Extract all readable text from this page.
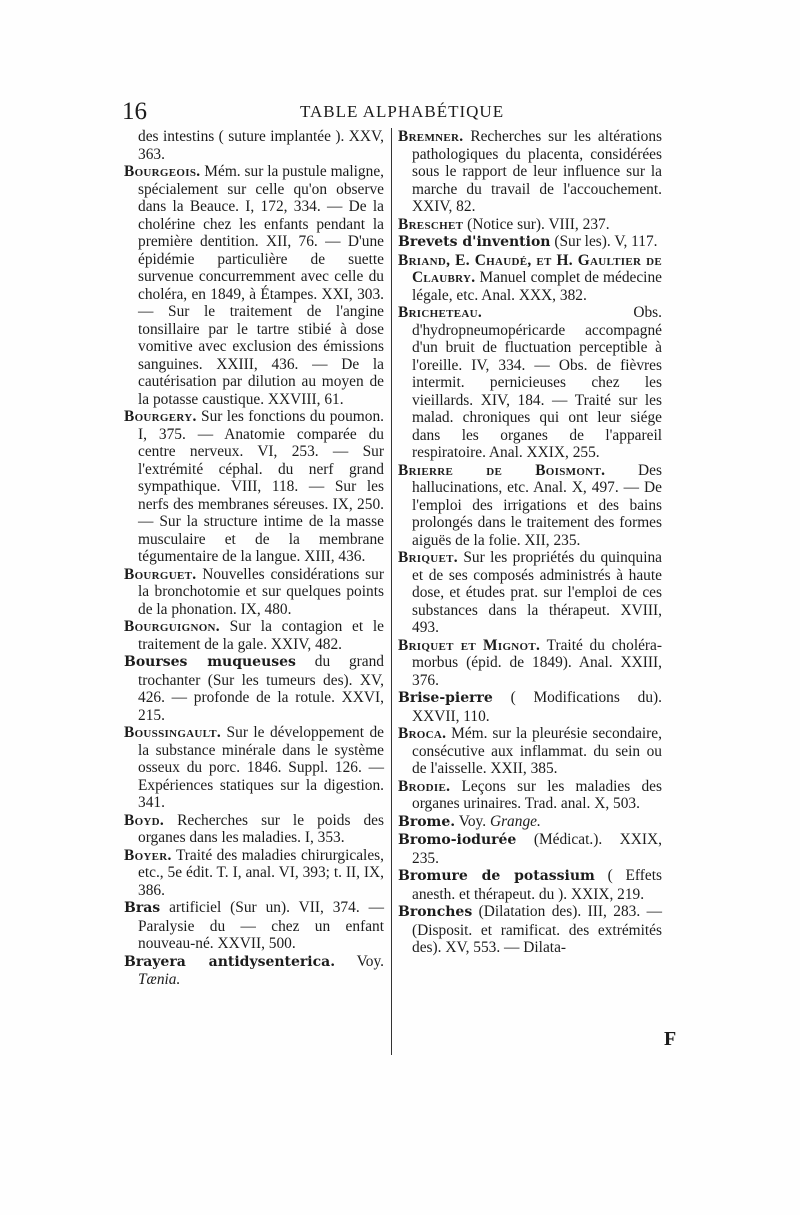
16	TABLE ALPHABÉTIQUE

des intestins ( suture implantée ). XXV, 363.

Bourgeois. Mém. sur la pustule maligne, spécialement sur celle qu'on observe dans la Beauce. I, 172, 334. — De la cholérine chez les enfants pendant la première dentition. XII, 76. — D'une épidémie particulière de suette survenue concurremment avec celle du choléra, en 1849, à Étampes. XXI, 303. — Sur le traitement de l'angine tonsillaire par le tartre stibié à dose vomitive avec exclusion des émissions sanguines. XXIII, 436. — De la cautérisation par dilution au moyen de la potasse caustique. XXVIII, 61.

Bourgery. Sur les fonctions du poumon. I, 375. — Anatomie comparée du centre nerveux. VI, 253. — Sur l'extrémité céphal. du nerf grand sympathique. VIII, 118. — Sur les nerfs des membranes séreuses. IX, 250. — Sur la structure intime de la masse musculaire et de la membrane tégumentaire de la langue. XIII, 436.

Bourguet. Nouvelles considérations sur la bronchotomie et sur quelques points de la phonation. IX, 480.

Bourguignon. Sur la contagion et le traitement de la gale. XXIV, 482.

Bourses muqueuses du grand trochanter (Sur les tumeurs des). XV, 426. — profonde de la rotule. XXVI, 215.

Boussingault. Sur le développement de la substance minérale dans le système osseux du porc. 1846. Suppl. 126. — Expériences statiques sur la digestion. 341.

Boyd. Recherches sur le poids des organes dans les maladies. I, 353.

Boyer. Traité des maladies chirurgicales, etc., 5e édit. T. I, anal. VI, 393; t. II, IX, 386.

Bras artificiel (Sur un). VII, 374. — Paralysie du — chez un enfant nouveau-né. XXVII, 500.

Brayera antidysenterica. Voy. Tænia.

Bremner. Recherches sur les altérations pathologiques du placenta, considérées sous le rapport de leur influence sur la marche du travail de l'accouchement. XXIV, 82.

Breschet (Notice sur). VIII, 237.

Brevets d'invention (Sur les). V, 117.

Briand, E. Chaudé, et H. Gaultier de Claubry. Manuel complet de médecine légale, etc. Anal. XXX, 382.

Bricheteau. Obs. d'hydropneumopéricarde accompagné d'un bruit de fluctuation perceptible à l'oreille. IV, 334. — Obs. de fièvres intermit. pernicieuses chez les vieillards. XIV, 184. — Traité sur les malad. chroniques qui ont leur siége dans les organes de l'appareil respiratoire. Anal. XXIX, 255.

Brierre de Boismont. Des hallucinations, etc. Anal. X, 497. — De l'emploi des irrigations et des bains prolongés dans le traitement des formes aiguës de la folie. XII, 235.

Briquet. Sur les propriétés du quinquina et de ses composés administrés à haute dose, et études prat. sur l'emploi de ces substances dans la thérapeut. XVIII, 493.

Briquet et Mignot. Traité du choléra-morbus (épid. de 1849). Anal. XXIII, 376.

Brise-pierre ( Modifications du). XXVII, 110.

Broca. Mém. sur la pleurésie secondaire, consécutive aux inflammat. du sein ou de l'aisselle. XXII, 385.

Brodie. Leçons sur les maladies des organes urinaires. Trad. anal. X, 503.

Brome. Voy. Grange.

Bromo-iodurée (Médicat.). XXIX, 235.

Bromure de potassium ( Effets anesth. et thérapeut. du ). XXIX, 219.

Bronches (Dilatation des). III, 283. — (Disposit. et ramificat. des extrémités des). XV, 553. — Dilata-

F
